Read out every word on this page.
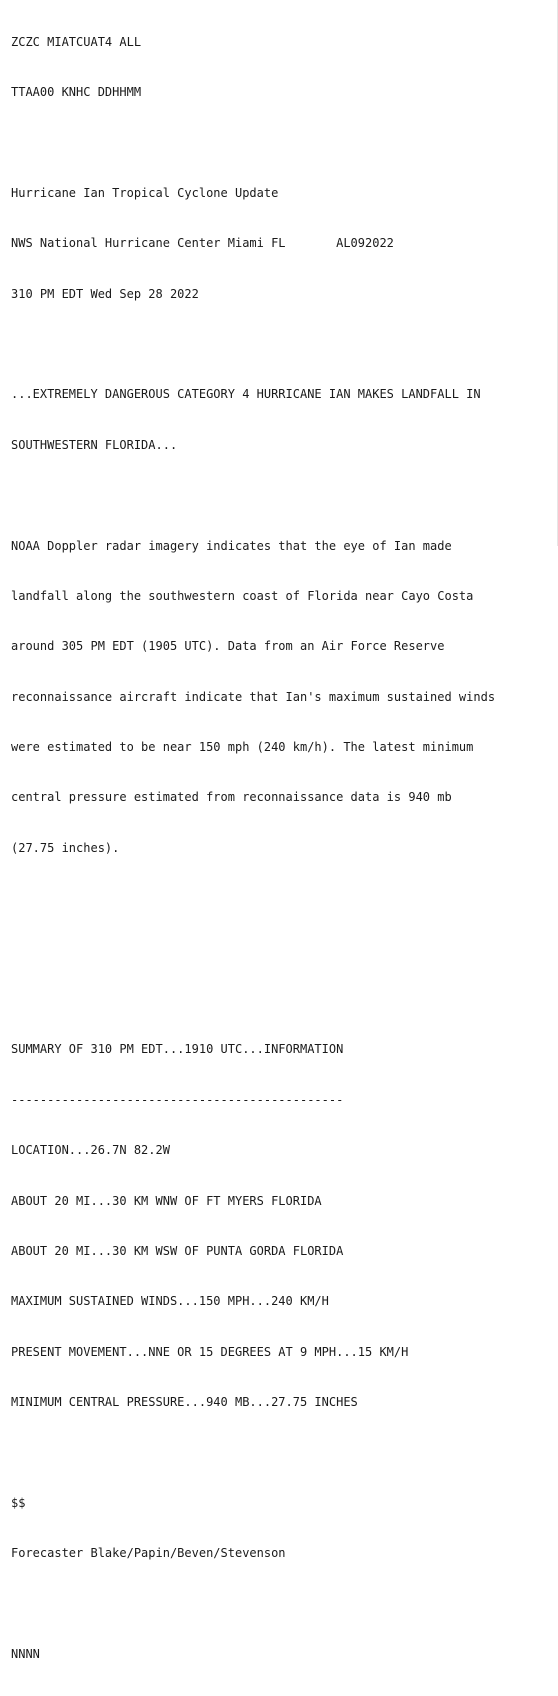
ZCZC MIATCUAT4 ALL

TTAA00 KNHC DDHHMM

Hurricane Ian Tropical Cyclone Update

NWS National Hurricane Center Miami FL       AL092022

310 PM EDT Wed Sep 28 2022

...EXTREMELY DANGEROUS CATEGORY 4 HURRICANE IAN MAKES LANDFALL IN

SOUTHWESTERN FLORIDA...

NOAA Doppler radar imagery indicates that the eye of Ian made

landfall along the southwestern coast of Florida near Cayo Costa

around 305 PM EDT (1905 UTC). Data from an Air Force Reserve

reconnaissance aircraft indicate that Ian's maximum sustained winds

were estimated to be near 150 mph (240 km/h). The latest minimum

central pressure estimated from reconnaissance data is 940 mb

(27.75 inches).

SUMMARY OF 310 PM EDT...1910 UTC...INFORMATION

----------------------------------------------

LOCATION...26.7N 82.2W

ABOUT 20 MI...30 KM WNW OF FT MYERS FLORIDA

ABOUT 20 MI...30 KM WSW OF PUNTA GORDA FLORIDA

MAXIMUM SUSTAINED WINDS...150 MPH...240 KM/H

PRESENT MOVEMENT...NNE OR 15 DEGREES AT 9 MPH...15 KM/H

MINIMUM CENTRAL PRESSURE...940 MB...27.75 INCHES

$$

Forecaster Blake/Papin/Beven/Stevenson

NNNN
